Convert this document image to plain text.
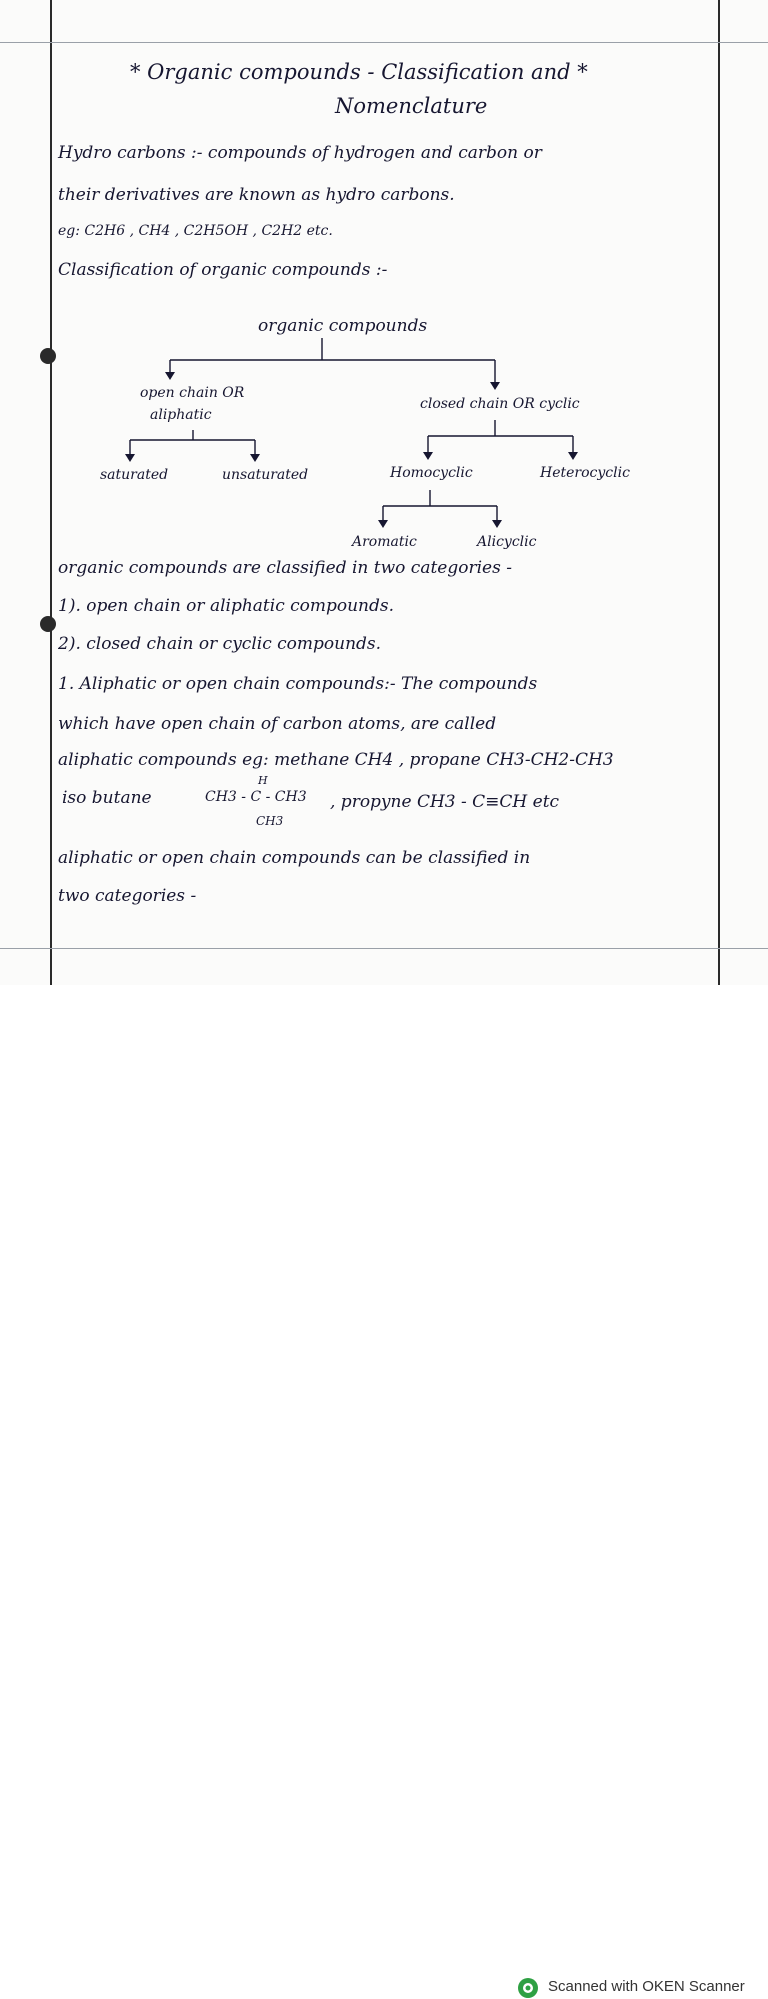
* Organic compounds - Classification and *
Nomenclature
Hydro carbons :- compounds of hydrogen and carbon or
their derivatives are known as hydro carbons.
eg: C2H6 , CH4 , C2H5OH , C2H2 etc.
Classification of organic compounds :-
organic compounds
open chain OR
aliphatic
closed chain OR cyclic
saturated	unsaturated	Homocyclic	Heterocyclic
Aromatic	Alicyclic
organic compounds are classified in two categories -
1). open chain or aliphatic compounds.
2). closed chain or cyclic compounds.
1. Aliphatic or open chain compounds:- The compounds
which have open chain of carbon atoms, are called
aliphatic compounds eg: methane CH4 , propane CH3-CH2-CH3
iso butane
H
CH3 - C - CH3
CH3
, propyne CH3 - C≡CH etc
aliphatic or open chain compounds can be classified in
two categories -
Scanned with OKEN Scanner
